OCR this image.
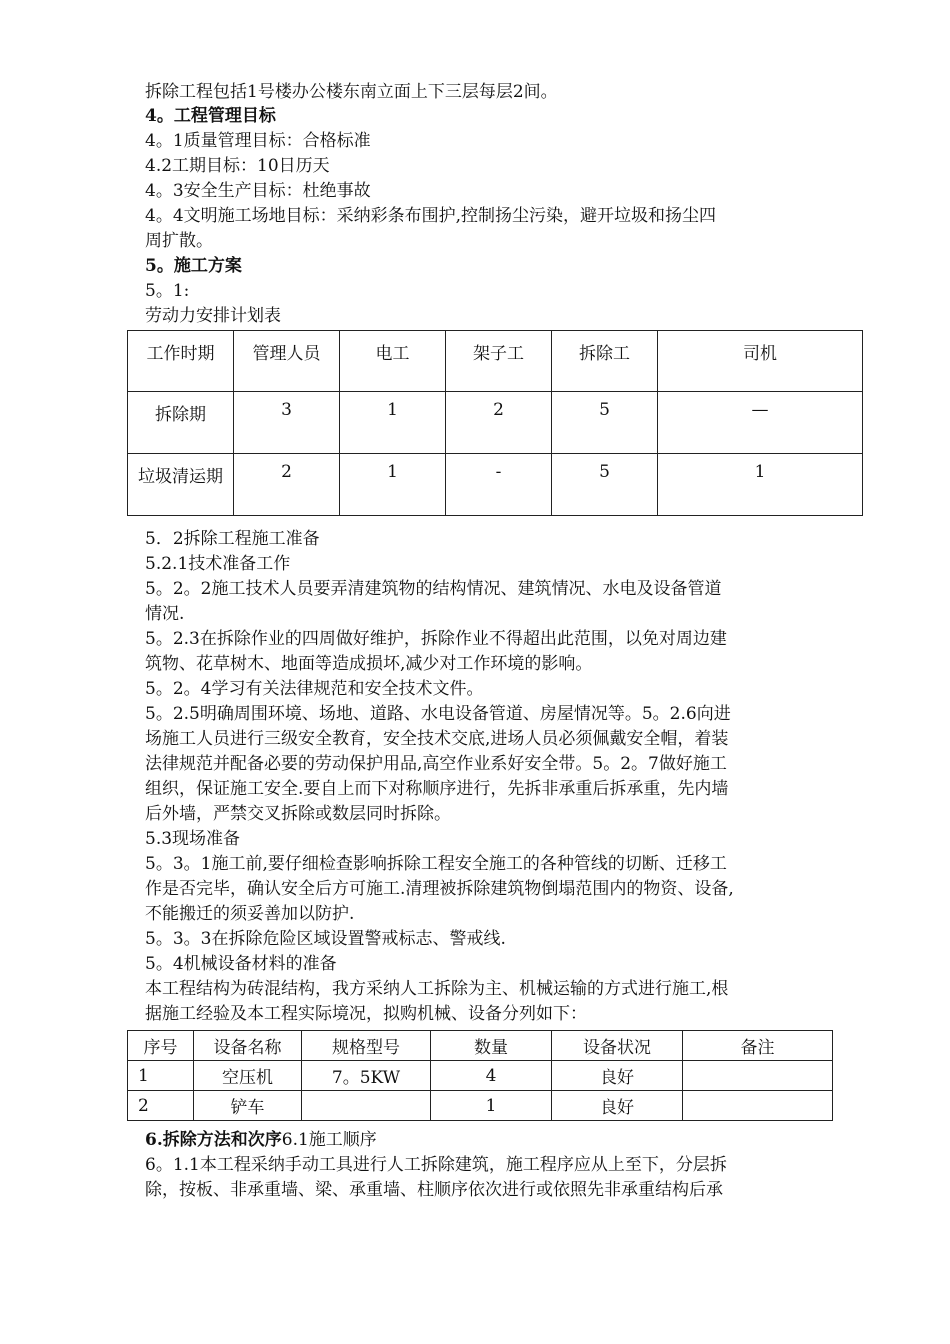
拆除工程包括1号楼办公楼东南立面上下三层每层2间。
4。工程管理目标
4。1质量管理目标：合格标准
4.2工期目标：10日历天
4。3安全生产目标：杜绝事故
4。4文明施工场地目标：采纳彩条布围护,控制扬尘污染，避开垃圾和扬尘四
周扩散。
5。施工方案
5。1:
劳动力安排计划表
工作时期	管理人员	电工	架子工	拆除工	司机
拆除期	3	1	2	5	—
垃圾清运期	2	1	-	5	1
5．2拆除工程施工准备
5.2.1技术准备工作
5。2。2施工技术人员要弄清建筑物的结构情况、建筑情况、水电及设备管道
情况.
5。2.3在拆除作业的四周做好维护，拆除作业不得超出此范围，以免对周边建
筑物、花草树木、地面等造成损坏,减少对工作环境的影响。
5。2。4学习有关法律规范和安全技术文件。
5。2.5明确周围环境、场地、道路、水电设备管道、房屋情况等。5。2.6向进
场施工人员进行三级安全教育，安全技术交底,进场人员必须佩戴安全帽，着装
法律规范并配备必要的劳动保护用品,高空作业系好安全带。5。2。7做好施工
组织，保证施工安全.要自上而下对称顺序进行，先拆非承重后拆承重，先内墙
后外墙，严禁交叉拆除或数层同时拆除。
5.3现场准备
5。3。1施工前,要仔细检查影响拆除工程安全施工的各种管线的切断、迁移工
作是否完毕，确认安全后方可施工.清理被拆除建筑物倒塌范围内的物资、设备,
不能搬迁的须妥善加以防护.
5。3。3在拆除危险区域设置警戒标志、警戒线.
5。4机械设备材料的准备
本工程结构为砖混结构，我方采纳人工拆除为主、机械运输的方式进行施工,根
据施工经验及本工程实际境况，拟购机械、设备分列如下：
序号	设备名称	规格型号	数量	设备状况	备注
1	空压机	7。5KW	4	良好	
2	铲车		1	良好	
6.拆除方法和次序6.1施工顺序
6。1.1本工程采纳手动工具进行人工拆除建筑，施工程序应从上至下，分层拆
除，按板、非承重墙、梁、承重墙、柱顺序依次进行或依照先非承重结构后承
